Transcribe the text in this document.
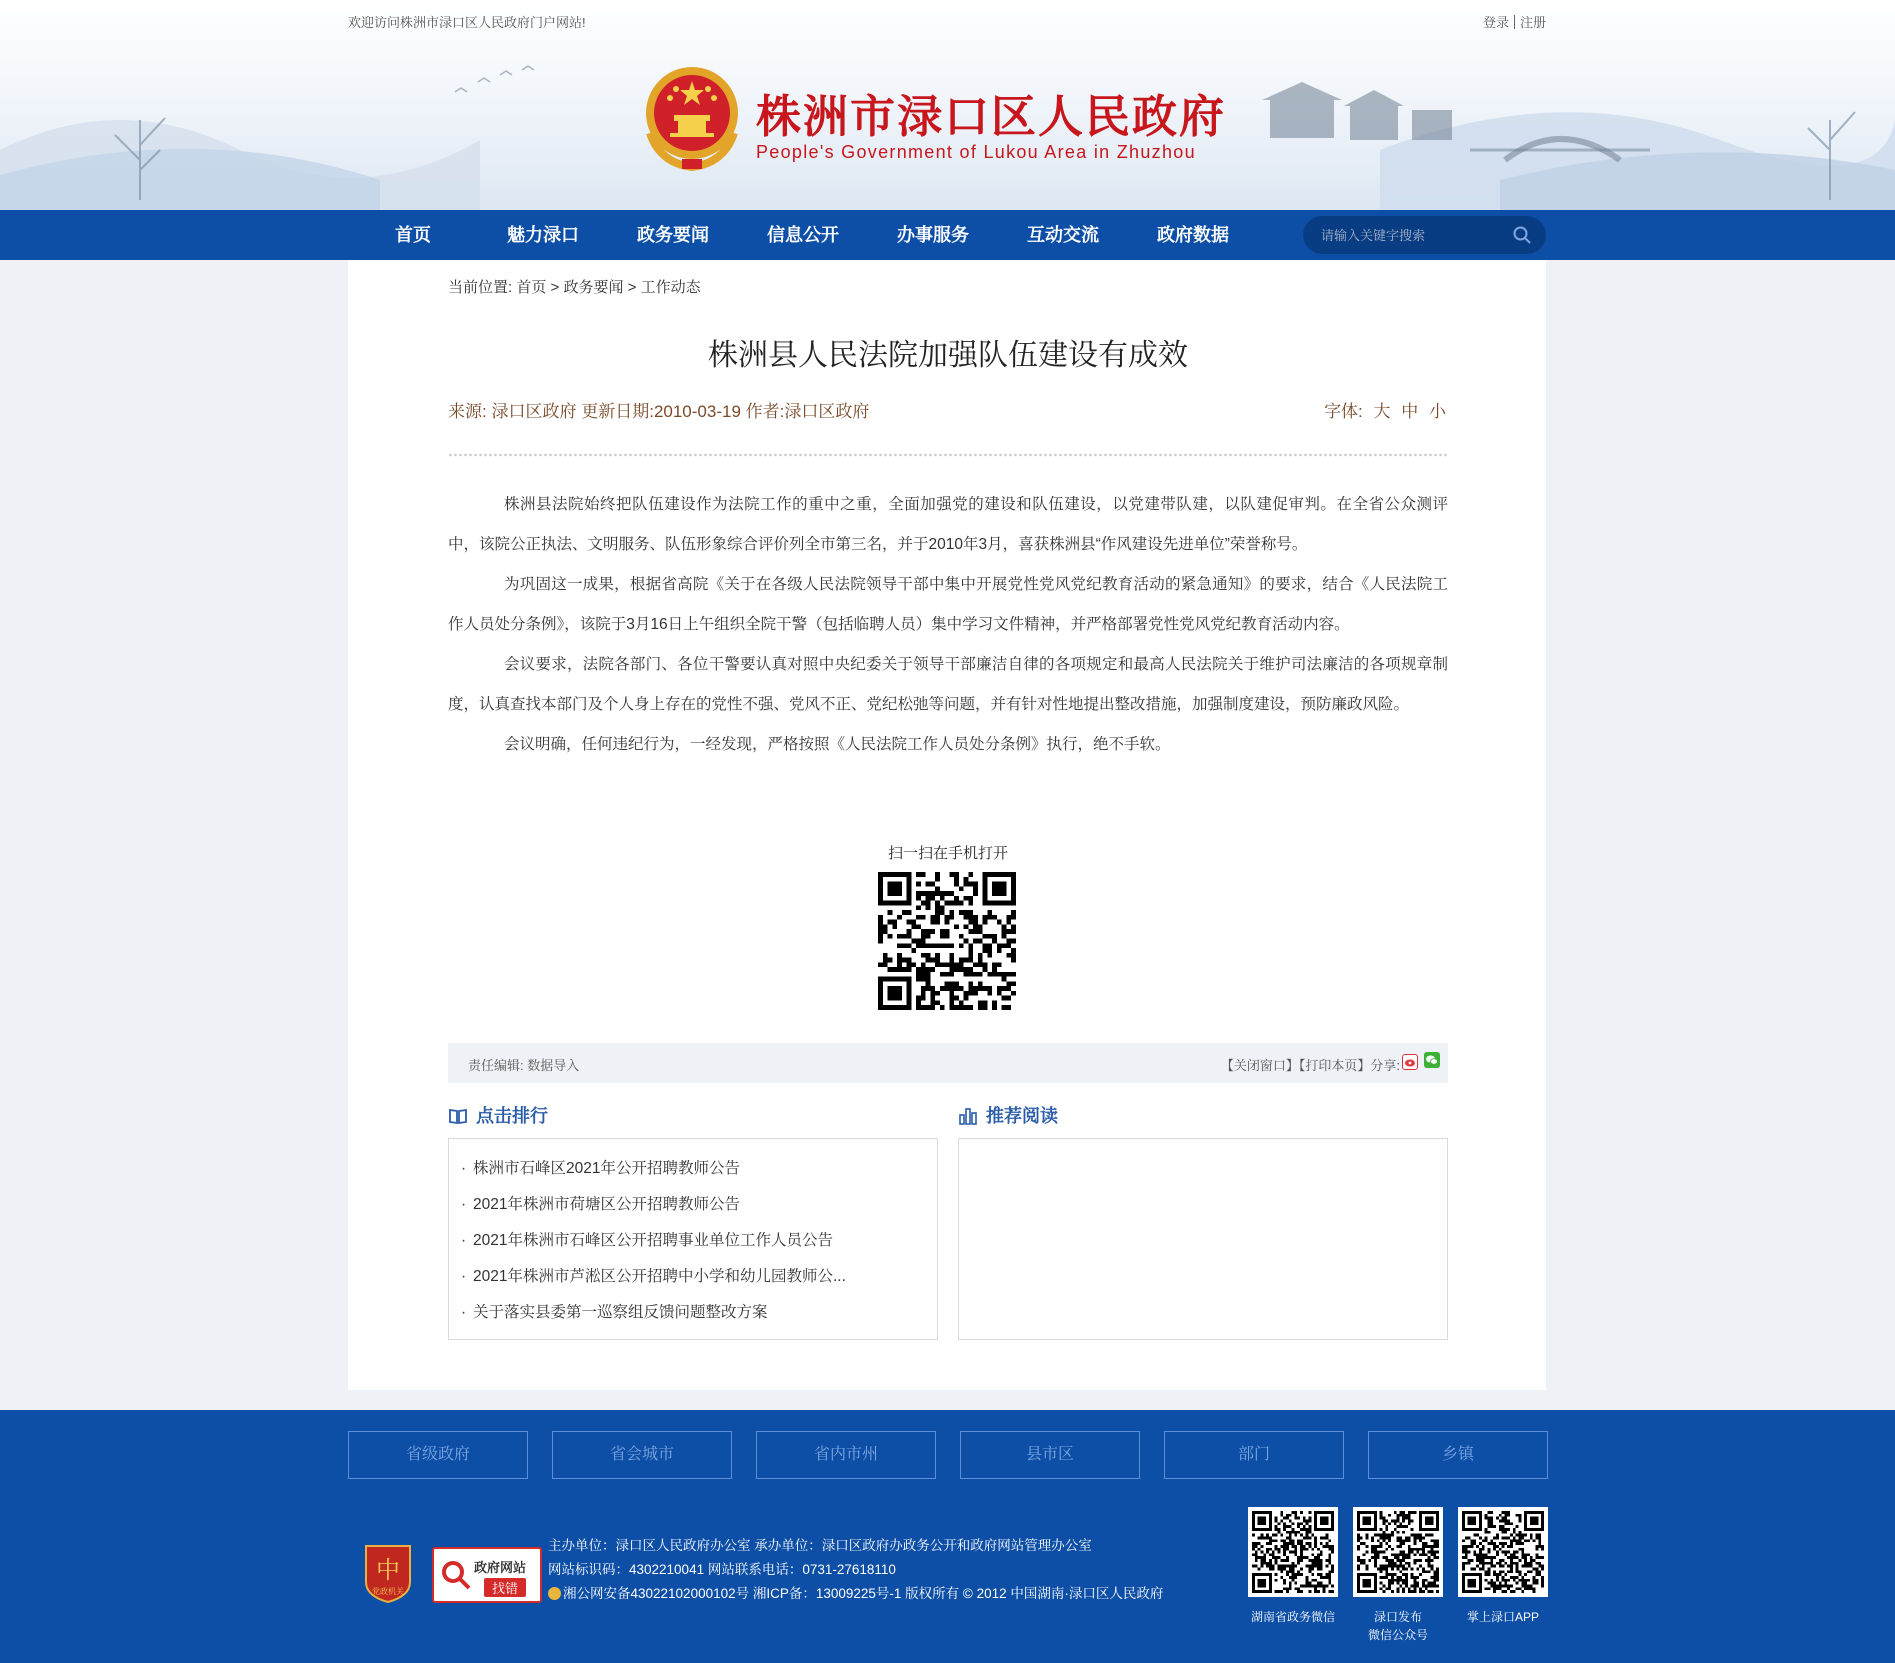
欢迎访问株洲市渌口区人民政府门户网站!	登录 注册
株洲市渌口区人民政府
People's Government of Lukou Area in Zhuzhou
首页	魅力渌口	政务要闻	信息公开	办事服务	互动交流	政府数据
请输入关键字搜索
当前位置: 首页 > 政务要闻 > 工作动态
株洲县人民法院加强队伍建设有成效
来源: 渌口区政府 更新日期:2010-03-19 作者:渌口区政府	字体: 大 中 小

株洲县法院始终把队伍建设作为法院工作的重中之重，全面加强党的建设和队伍建设，以党建带队建，以队建促审判。在全省公众测评中，该院公正执法、文明服务、队伍形象综合评价列全市第三名，并于2010年3月，喜获株洲县“作风建设先进单位”荣誉称号。

为巩固这一成果，根据省高院《关于在各级人民法院领导干部中集中开展党性党风党纪教育活动的紧急通知》的要求，结合《人民法院工作人员处分条例》，该院于3月16日上午组织全院干警（包括临聘人员）集中学习文件精神，并严格部署党性党风党纪教育活动内容。

会议要求，法院各部门、各位干警要认真对照中央纪委关于领导干部廉洁自律的各项规定和最高人民法院关于维护司法廉洁的各项规章制度，认真查找本部门及个人身上存在的党性不强、党风不正、党纪松弛等问题，并有针对性地提出整改措施，加强制度建设，预防廉政风险。

会议明确，任何违纪行为，一经发现，严格按照《人民法院工作人员处分条例》执行，绝不手软。

扫一扫在手机打开
责任编辑: 数据导入	【关闭窗口】【打印本页】分享:
点击排行	推荐阅读
· 株洲市石峰区2021年公开招聘教师公告
· 2021年株洲市荷塘区公开招聘教师公告
· 2021年株洲市石峰区公开招聘事业单位工作人员公告
· 2021年株洲市芦淞区公开招聘中小学和幼儿园教师公...
· 关于落实县委第一巡察组反馈问题整改方案
省级政府	省会城市	省内市州	县市区	部门	乡镇
中
党政机关
政府网站
找错
主办单位：渌口区人民政府办公室 承办单位：渌口区政府办政务公开和政府网站管理办公室
网站标识码：4302210041 网站联系电话：0731-27618110
湘公网安备43022102000102号 湘ICP备：13009225号-1 版权所有 © 2012 中国湖南·渌口区人民政府
湖南省政务微信	渌口发布
微信公众号
掌上渌口APP
